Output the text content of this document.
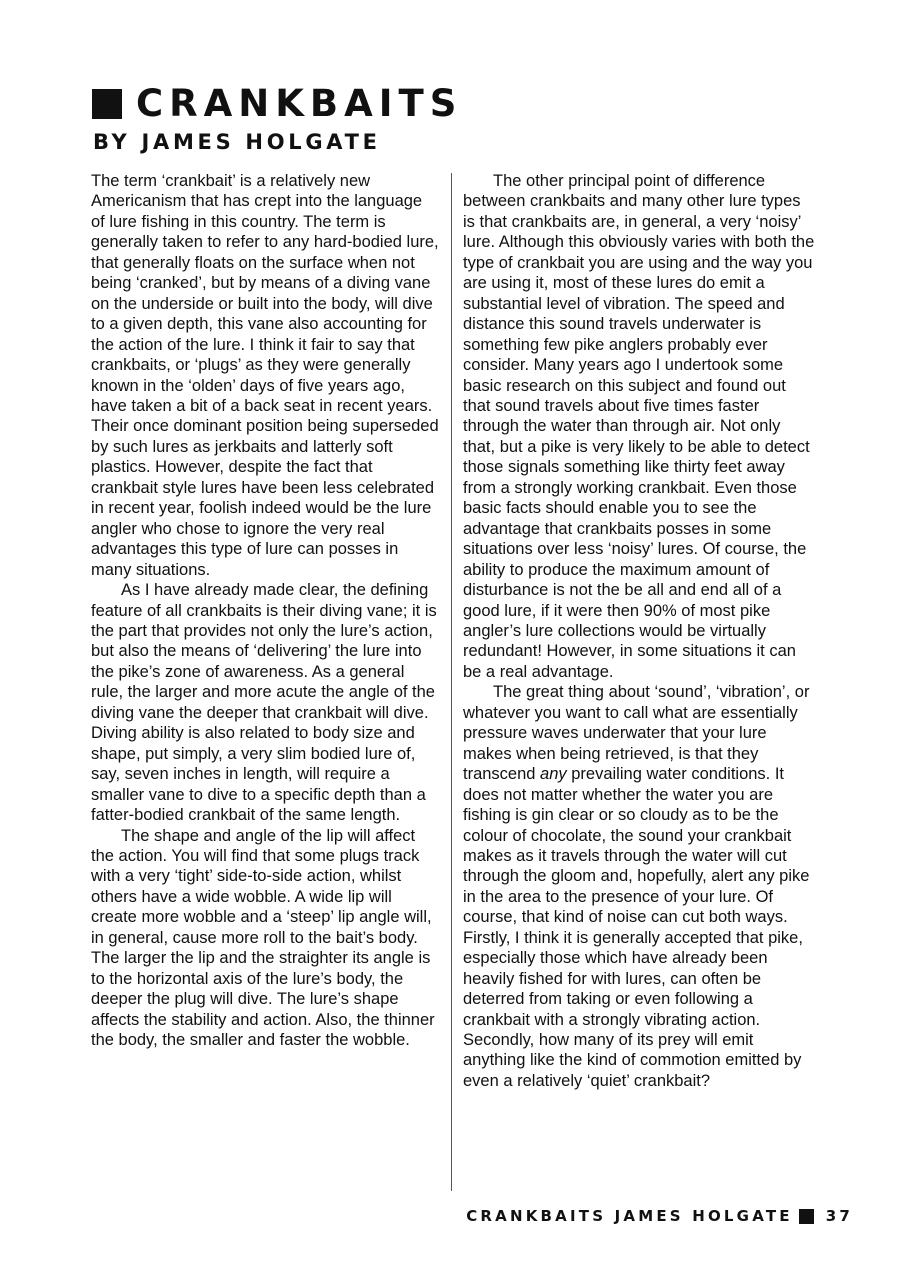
CRANKBAITS
BY JAMES HOLGATE

The term ‘crankbait’ is a relatively new Americanism that has crept into the language of lure fishing in this country. The term is generally taken to refer to any hard-bodied lure, that generally floats on the surface when not being ‘cranked’, but by means of a diving vane on the underside or built into the body, will dive to a given depth, this vane also accounting for the action of the lure. I think it fair to say that crankbaits, or ‘plugs’ as they were generally known in the ‘olden’ days of five years ago, have taken a bit of a back seat in recent years. Their once dominant position being superseded by such lures as jerkbaits and latterly soft plastics. However, despite the fact that crankbait style lures have been less celebrated in recent year, foolish indeed would be the lure angler who chose to ignore the very real advantages this type of lure can posses in many situations.

As I have already made clear, the defining feature of all crankbaits is their diving vane; it is the part that provides not only the lure’s action, but also the means of ‘delivering’ the lure into the pike’s zone of awareness. As a general rule, the larger and more acute the angle of the diving vane the deeper that crankbait will dive. Diving ability is also related to body size and shape, put simply, a very slim bodied lure of, say, seven inches in length, will require a smaller vane to dive to a specific depth than a fatter-bodied crankbait of the same length.

The shape and angle of the lip will affect the action. You will find that some plugs track with a very ‘tight’ side-to-side action, whilst others have a wide wobble. A wide lip will create more wobble and a ‘steep’ lip angle will, in general, cause more roll to the bait’s body. The larger the lip and the straighter its angle is to the horizontal axis of the lure’s body, the deeper the plug will dive. The lure’s shape affects the stability and action. Also, the thinner the body, the smaller and faster the wobble.

The other principal point of difference between crankbaits and many other lure types is that crankbaits are, in general, a very ‘noisy’ lure. Although this obviously varies with both the type of crankbait you are using and the way you are using it, most of these lures do emit a substantial level of vibration. The speed and distance this sound travels underwater is something few pike anglers probably ever consider. Many years ago I undertook some basic research on this subject and found out that sound travels about five times faster through the water than through air. Not only that, but a pike is very likely to be able to detect those signals something like thirty feet away from a strongly working crankbait. Even those basic facts should enable you to see the advantage that crankbaits posses in some situations over less ‘noisy’ lures. Of course, the ability to produce the maximum amount of disturbance is not the be all and end all of a good lure, if it were then 90% of most pike angler’s lure collections would be virtually redundant! However, in some situations it can be a real advantage.

The great thing about ‘sound’, ‘vibration’, or whatever you want to call what are essentially pressure waves underwater that your lure makes when being retrieved, is that they transcend any prevailing water conditions. It does not matter whether the water you are fishing is gin clear or so cloudy as to be the colour of chocolate, the sound your crankbait makes as it travels through the water will cut through the gloom and, hopefully, alert any pike in the area to the presence of your lure. Of course, that kind of noise can cut both ways. Firstly, I think it is generally accepted that pike, especially those which have already been heavily fished for with lures, can often be deterred from taking or even following a crankbait with a strongly vibrating action. Secondly, how many of its prey will emit anything like the kind of commotion emitted by even a relatively ‘quiet’ crankbait?

CRANKBAITS JAMES HOLGATE 37
